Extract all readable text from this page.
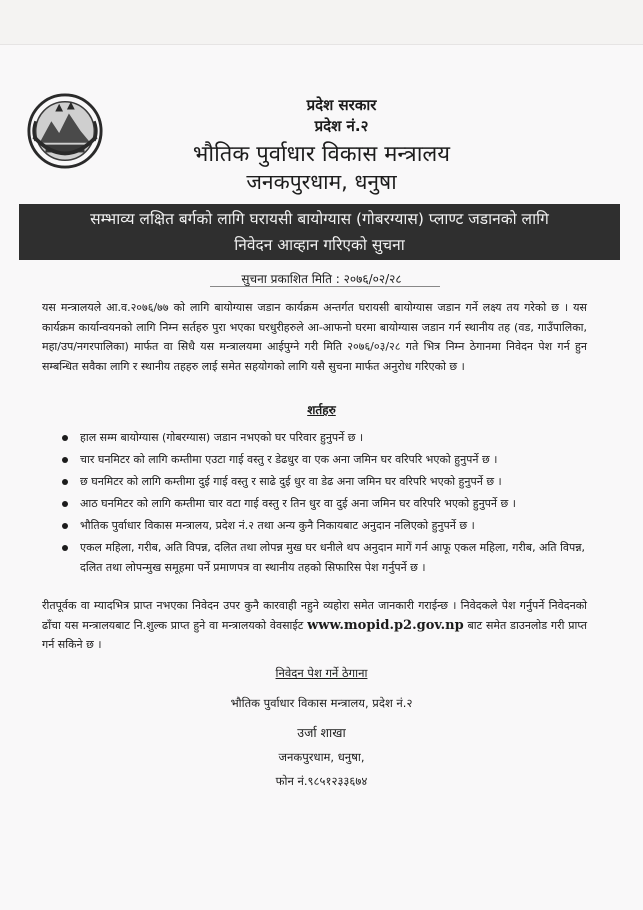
प्रदेश सरकार
प्रदेश नं.२
भौतिक पुर्वाधार विकास मन्त्रालय
जनकपुरधाम, धनुषा
सम्भाव्य लक्षित बर्गको लागि घरायसी बायोग्यास (गोबरग्यास) प्लाण्ट जडानको लागि
निवेदन आव्हान गरिएको सुचना
सुचना प्रकाशित मिति : २०७६/०२/२८

यस मन्त्रालयले आ.व.२०७६/७७ को लागि बायोग्यास जडान कार्यक्रम अन्तर्गत घरायसी बायोग्यास जडान गर्ने लक्ष्य तय गरेको छ । यस कार्यक्रम कार्यान्वयनको लागि निम्न सर्तहरु पुरा भएका घरधुरीहरुले आ-आफनो घरमा बायोग्यास जडान गर्न स्थानीय तह (वड, गाउँपालिका, महा/उप/नगरपालिका) मार्फत वा सिधै यस मन्त्रालयमा आईपुग्ने गरी मिति २०७६/०३/२८ गते भित्र निम्न ठेगानमा निवेदन पेश गर्न हुन सम्बन्धित सवैका लागि र स्थानीय तहहरु लाई समेत सहयोगको लागि यसै सुचना मार्फत अनुरोध गरिएको छ ।

शर्तहरु
हाल सम्म बायोग्यास (गोबरग्यास) जडान नभएको घर परिवार हुनुपर्ने छ ।
चार घनमिटर को लागि कम्तीमा एउटा गाई वस्तु र डेढधुर वा एक अना जमिन घर वरिपरि भएको हुनुपर्ने छ ।
छ घनमिटर को लागि कम्तीमा दुई गाई वस्तु र साढे दुई धुर वा डेढ अना जमिन घर वरिपरि भएको हुनुपर्ने छ ।
आठ घनमिटर को लागि कम्तीमा चार वटा गाई वस्तु र तिन धुर वा दुई अना जमिन घर वरिपरि भएको हुनुपर्ने छ ।
भौतिक पुर्वाधार विकास मन्त्रालय, प्रदेश नं.२ तथा अन्य कुनै निकायबाट अनुदान नलिएको हुनुपर्ने छ ।
एकल महिला, गरीब, अति विपन्न, दलित तथा लोपन्न मुख घर धनीले थप अनुदान मागें गर्न आफू एकल महिला, गरीब, अति विपन्न, दलित तथा लोपन्मुख समूहमा पर्ने प्रमाणपत्र वा स्थानीय तहको सिफारिस पेश गर्नुपर्ने छ ।

रीतपूर्वक वा म्यादभित्र प्राप्त नभएका निवेदन उपर कुनै कारवाही नहुने व्यहोरा समेत जानकारी गराईन्छ । निवेदकले पेश गर्नुपर्ने निवेदनको ढाँचा यस मन्त्रालयबाट नि.शुल्क प्राप्त हुने वा मन्त्रालयको वेवसाईट www.mopid.p2.gov.np बाट समेत डाउनलोड गरी प्राप्त गर्न सकिने छ ।

निवेदन पेश गर्ने ठेगाना
भौतिक पुर्वाधार विकास मन्त्रालय, प्रदेश नं.२
उर्जा शाखा
जनकपुरधाम, धनुषा,
फोन नं.९८५१२३३६७४
